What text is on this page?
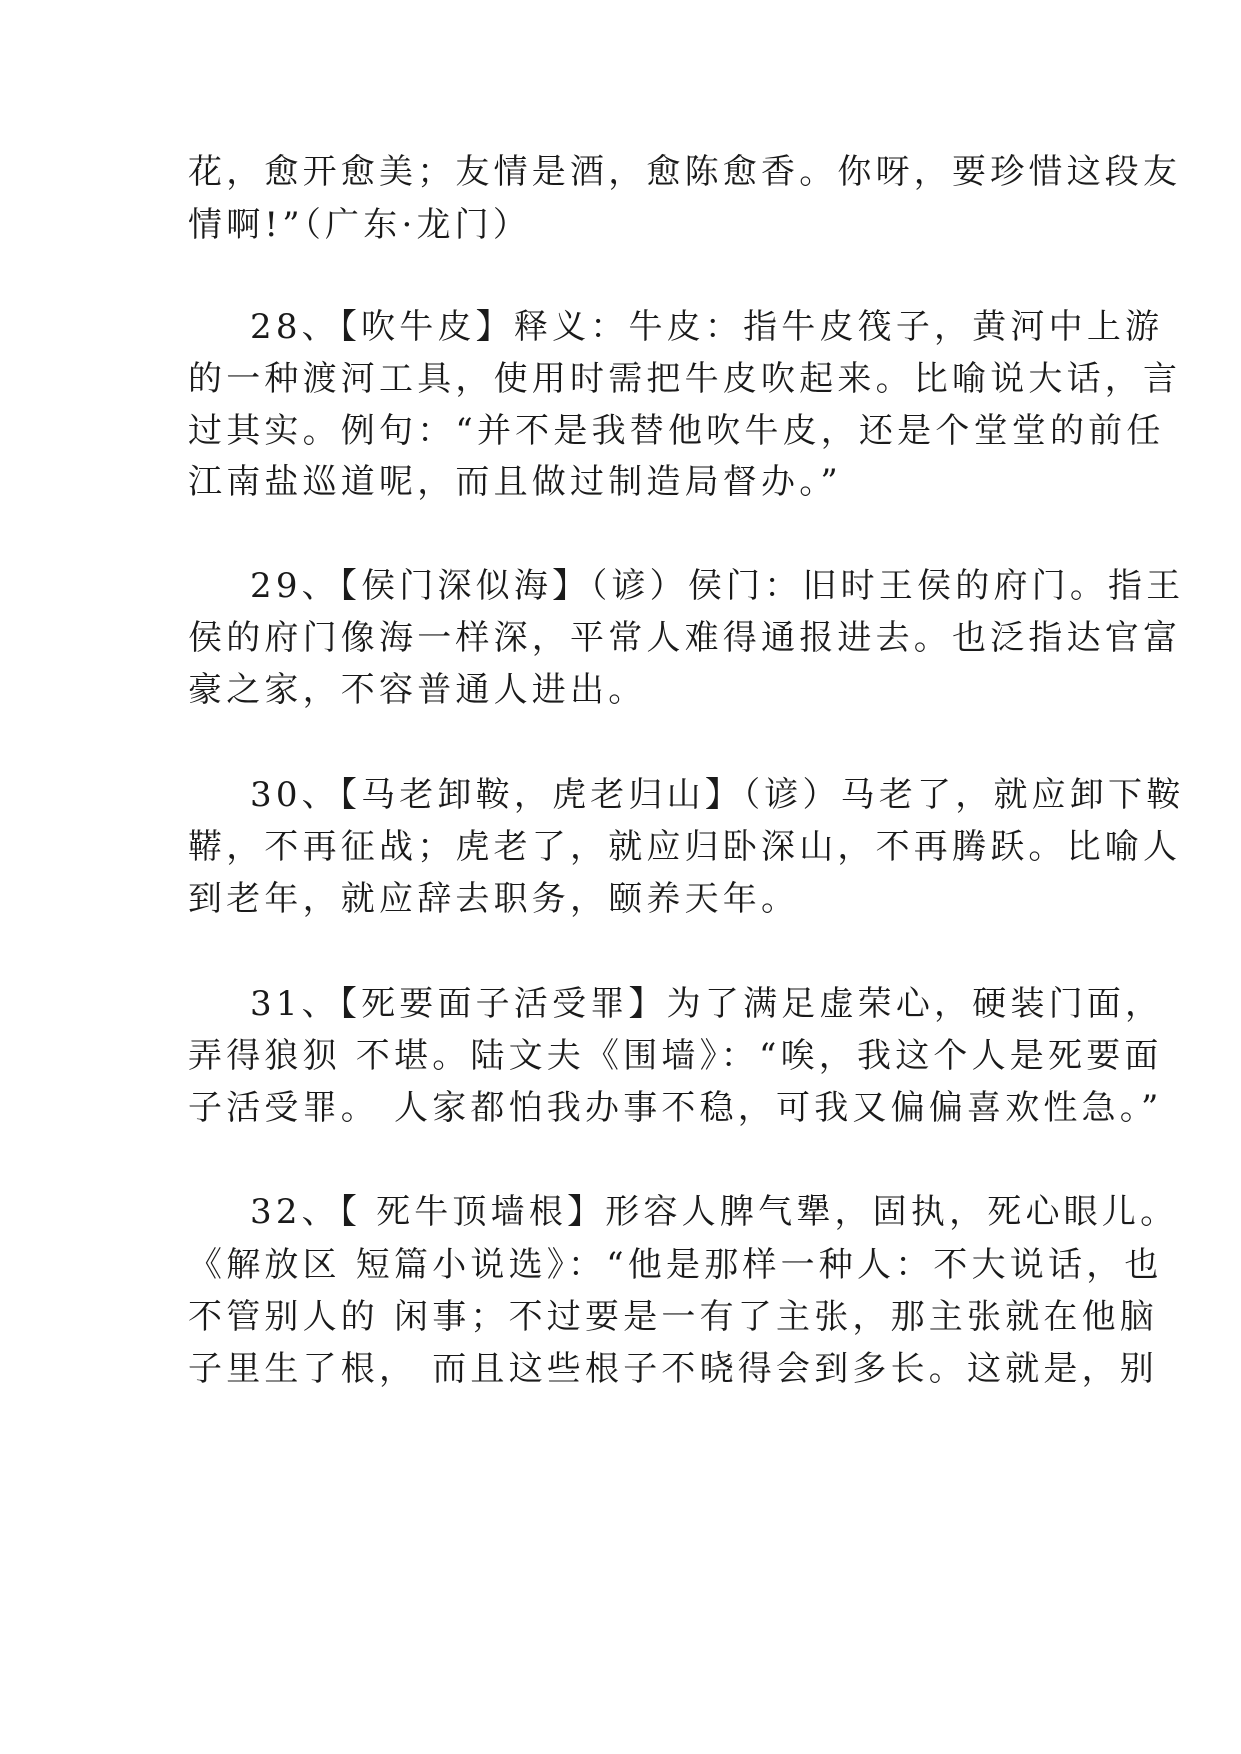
花，愈开愈美；友情是酒，愈陈愈香。你呀，要珍惜这段友
情啊!”（广东·龙门）
28、【吹牛皮】释义：牛皮：指牛皮筏子，黄河中上游
的一种渡河工具，使用时需把牛皮吹起来。比喻说大话，言
过其实。例句：“并不是我替他吹牛皮，还是个堂堂的前任
江南盐巡道呢，而且做过制造局督办。”
29、【侯门深似海】（谚）侯门：旧时王侯的府门。指王
侯的府门像海一样深，平常人难得通报进去。也泛指达官富
豪之家，不容普通人进出。
30、【马老卸鞍，虎老归山】（谚）马老了，就应卸下鞍
鞯，不再征战；虎老了，就应归卧深山，不再腾跃。比喻人
到老年，就应辞去职务，颐养天年。
31、【死要面子活受罪】为了满足虚荣心，硬装门面，
弄得狼狈 不堪。陆文夫《围墙》：“唉，我这个人是死要面
子活受罪。 人家都怕我办事不稳，可我又偏偏喜欢性急。”
32、【 死牛顶墙根】形容人脾气犟，固执，死心眼儿。
《解放区 短篇小说选》：“他是那样一种人：不大说话，也
不管别人的 闲事；不过要是一有了主张，那主张就在他脑
子里生了根， 而且这些根子不晓得会到多长。这就是，别
